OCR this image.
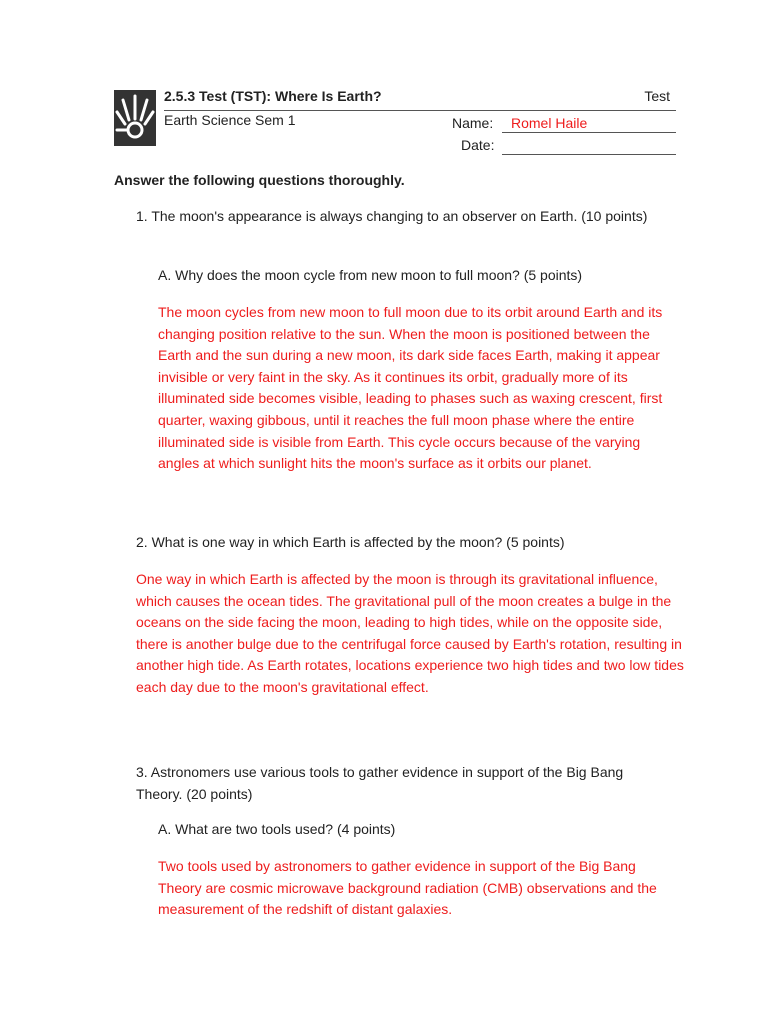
2.5.3 Test (TST): Where Is Earth?	Test
Earth Science Sem 1	Name: Romel Haile
Date:

Answer the following questions thoroughly.

1. The moon's appearance is always changing to an observer on Earth. (10 points)

A. Why does the moon cycle from new moon to full moon? (5 points)

The moon cycles from new moon to full moon due to its orbit around Earth and its changing position relative to the sun. When the moon is positioned between the Earth and the sun during a new moon, its dark side faces Earth, making it appear invisible or very faint in the sky. As it continues its orbit, gradually more of its illuminated side becomes visible, leading to phases such as waxing crescent, first quarter, waxing gibbous, until it reaches the full moon phase where the entire illuminated side is visible from Earth. This cycle occurs because of the varying angles at which sunlight hits the moon's surface as it orbits our planet.

2. What is one way in which Earth is affected by the moon? (5 points)

One way in which Earth is affected by the moon is through its gravitational influence, which causes the ocean tides. The gravitational pull of the moon creates a bulge in the oceans on the side facing the moon, leading to high tides, while on the opposite side, there is another bulge due to the centrifugal force caused by Earth's rotation, resulting in another high tide. As Earth rotates, locations experience two high tides and two low tides each day due to the moon's gravitational effect.

3. Astronomers use various tools to gather evidence in support of the Big Bang Theory. (20 points)

A. What are two tools used? (4 points)

Two tools used by astronomers to gather evidence in support of the Big Bang Theory are cosmic microwave background radiation (CMB) observations and the measurement of the redshift of distant galaxies.
